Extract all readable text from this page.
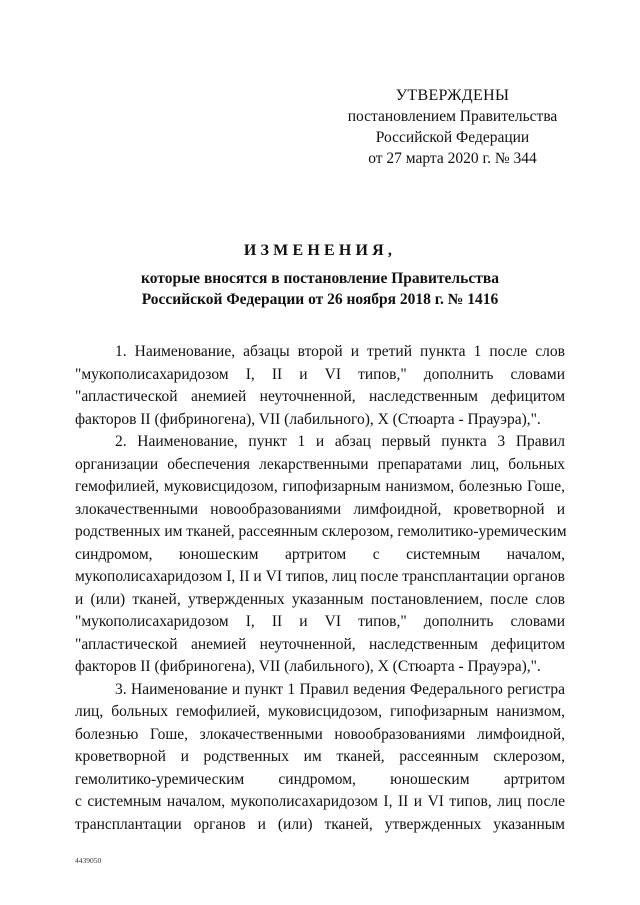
УТВЕРЖДЕНЫ
постановлением Правительства
Российской Федерации
от 27 марта 2020 г. № 344
ИЗМЕНЕНИЯ,
которые вносятся в постановление Правительства
Российской Федерации от 26 ноября 2018 г. № 1416

1. Наименование, абзацы второй и третий пункта 1 после слов
"мукополисахаридозом I, II и VI типов," дополнить словами
"апластической анемией неуточненной, наследственным дефицитом
факторов II (фибриногена), VII (лабильного), X (Стюарта - Прауэра),".

2. Наименование, пункт 1 и абзац первый пункта 3 Правил
организации обеспечения лекарственными препаратами лиц, больных
гемофилией, муковисцидозом, гипофизарным нанизмом, болезнью Гоше,
злокачественными новообразованиями лимфоидной, кроветворной и
родственных им тканей, рассеянным склерозом, гемолитико-уремическим
синдромом, юношеским артритом с системным началом,
мукополисахаридозом I, II и VI типов, лиц после трансплантации органов
и (или) тканей, утвержденных указанным постановлением, после слов
"мукополисахаридозом I, II и VI типов," дополнить словами
"апластической анемией неуточненной, наследственным дефицитом
факторов II (фибриногена), VII (лабильного), X (Стюарта - Прауэра),".

3. Наименование и пункт 1 Правил ведения Федерального регистра
лиц, больных гемофилией, муковисцидозом, гипофизарным нанизмом,
болезнью Гоше, злокачественными новообразованиями лимфоидной,
кроветворной и родственных им тканей, рассеянным склерозом,
гемолитико-уремическим синдромом, юношеским артритом
с системным началом, мукополисахаридозом I, II и VI типов, лиц после
трансплантации органов и (или) тканей, утвержденных указанным

4439050
